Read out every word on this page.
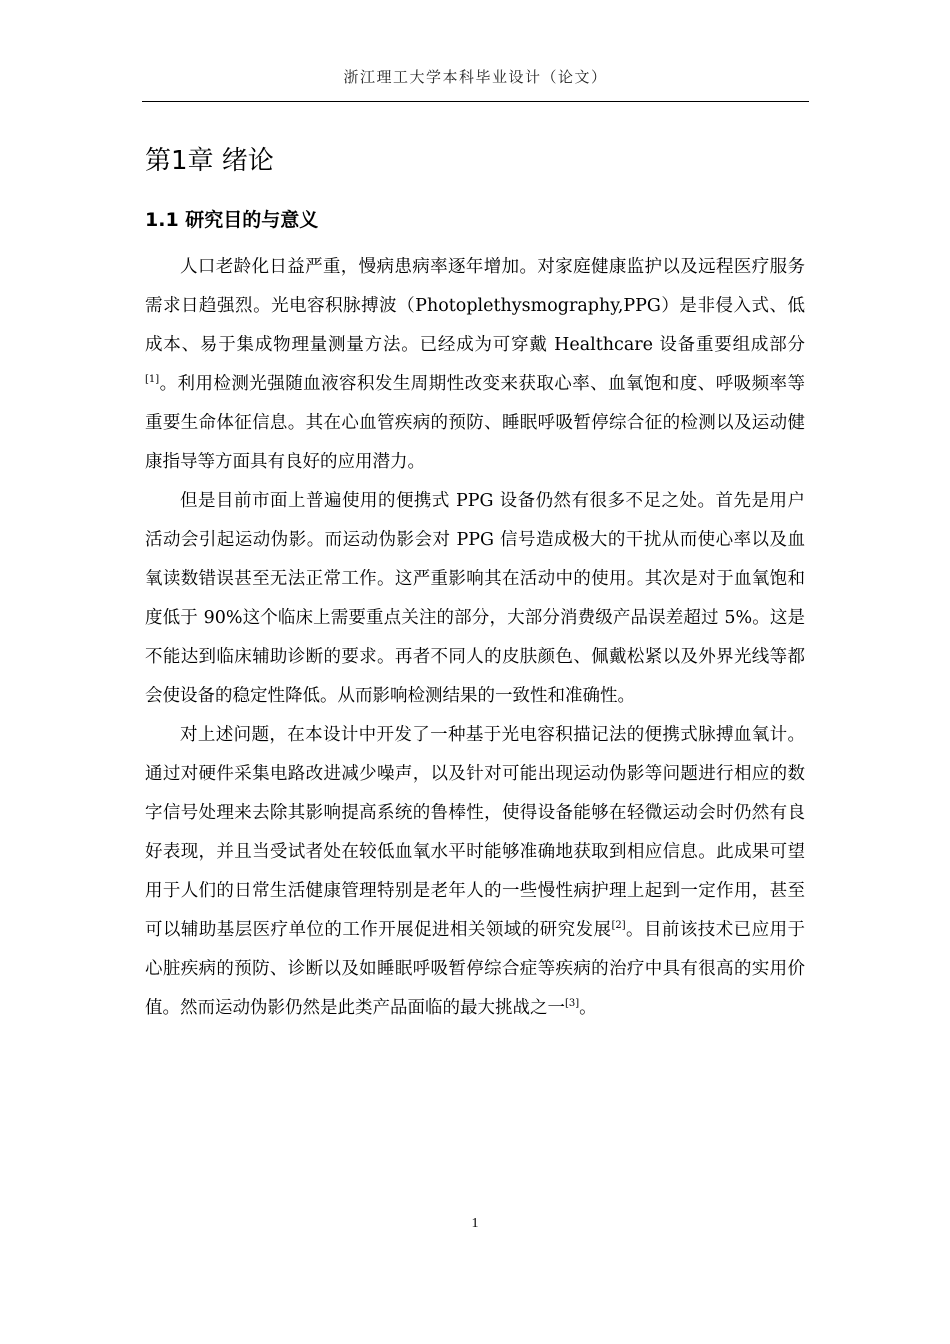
浙江理工大学本科毕业设计（论文）
第1章 绪论
1.1 研究目的与意义

人口老龄化日益严重，慢病患病率逐年增加。对家庭健康监护以及远程医疗服务需求日趋强烈。光电容积脉搏波（Photoplethysmography,PPG）是非侵入式、低成本、易于集成物理量测量方法。已经成为可穿戴 Healthcare 设备重要组成部分[1]。利用检测光强随血液容积发生周期性改变来获取心率、血氧饱和度、呼吸频率等重要生命体征信息。其在心血管疾病的预防、睡眠呼吸暂停综合征的检测以及运动健康指导等方面具有良好的应用潜力。

但是目前市面上普遍使用的便携式 PPG 设备仍然有很多不足之处。首先是用户活动会引起运动伪影。而运动伪影会对 PPG 信号造成极大的干扰从而使心率以及血氧读数错误甚至无法正常工作。这严重影响其在活动中的使用。其次是对于血氧饱和度低于 90%这个临床上需要重点关注的部分，大部分消费级产品误差超过 5%。这是不能达到临床辅助诊断的要求。再者不同人的皮肤颜色、佩戴松紧以及外界光线等都会使设备的稳定性降低。从而影响检测结果的一致性和准确性。

对上述问题，在本设计中开发了一种基于光电容积描记法的便携式脉搏血氧计。通过对硬件采集电路改进减少噪声，以及针对可能出现运动伪影等问题进行相应的数字信号处理来去除其影响提高系统的鲁棒性，使得设备能够在轻微运动会时仍然有良好表现，并且当受试者处在较低血氧水平时能够准确地获取到相应信息。此成果可望用于人们的日常生活健康管理特别是老年人的一些慢性病护理上起到一定作用，甚至可以辅助基层医疗单位的工作开展促进相关领域的研究发展[2]。目前该技术已应用于心脏疾病的预防、诊断以及如睡眠呼吸暂停综合症等疾病的治疗中具有很高的实用价值。然而运动伪影仍然是此类产品面临的最大挑战之一[3]。

1
